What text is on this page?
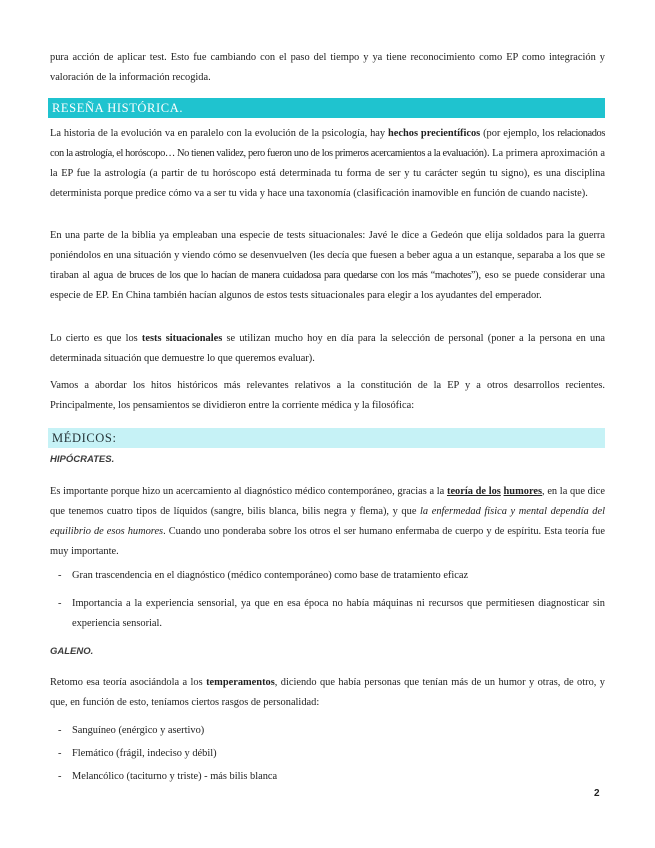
pura acción de aplicar test. Esto fue cambiando con el paso del tiempo y ya tiene reconocimiento como EP como integración y valoración de la información recogida.

RESEÑA HISTÓRICA.

La historia de la evolución va en paralelo con la evolución de la psicología, hay hechos precientíficos (por ejemplo, los relacionados con la astrología, el horóscopo… No tienen validez, pero fueron uno de los primeros acercamientos a la evaluación). La primera aproximación a la EP fue la astrología (a partir de tu horóscopo está determinada tu forma de ser y tu carácter según tu signo), es una disciplina determinista porque predice cómo va a ser tu vida y hace una taxonomía (clasificación inamovible en función de cuando naciste).

En una parte de la biblia ya empleaban una especie de tests situacionales: Javé le dice a Gedeón que elija soldados para la guerra poniéndolos en una situación y viendo cómo se desenvuelven (les decía que fuesen a beber agua a un estanque, separaba a los que se tiraban al agua de bruces de los que lo hacían de manera cuidadosa para quedarse con los más “machotes”), eso se puede considerar una especie de EP. En China también hacían algunos de estos tests situacionales para elegir a los ayudantes del emperador.

Lo cierto es que los tests situacionales se utilizan mucho hoy en día para la selección de personal (poner a la persona en una determinada situación que demuestre lo que queremos evaluar).

Vamos a abordar los hitos históricos más relevantes relativos a la constitución de la EP y a otros desarrollos recientes. Principalmente, los pensamientos se dividieron entre la corriente médica y la filosófica:

MÉDICOS:
HIPÓCRATES.

Es importante porque hizo un acercamiento al diagnóstico médico contemporáneo, gracias a la teoría de los humores, en la que dice que tenemos cuatro tipos de líquidos (sangre, bilis blanca, bilis negra y flema), y que la enfermedad física y mental dependía del equilibrio de esos humores. Cuando uno ponderaba sobre los otros el ser humano enfermaba de cuerpo y de espíritu. Esta teoría fue muy importante.

- Gran trascendencia en el diagnóstico (médico contemporáneo) como base de tratamiento eficaz

- Importancia a la experiencia sensorial, ya que en esa época no había máquinas ni recursos que permitiesen diagnosticar sin experiencia sensorial.

GALENO.

Retomo esa teoría asociándola a los temperamentos, diciendo que había personas que tenían más de un humor y otras, de otro, y que, en función de esto, teníamos ciertos rasgos de personalidad:

- Sanguíneo (enérgico y asertivo)

- Flemático (frágil, indeciso y débil)

- Melancólico (taciturno y triste) - más bilis blanca

2
